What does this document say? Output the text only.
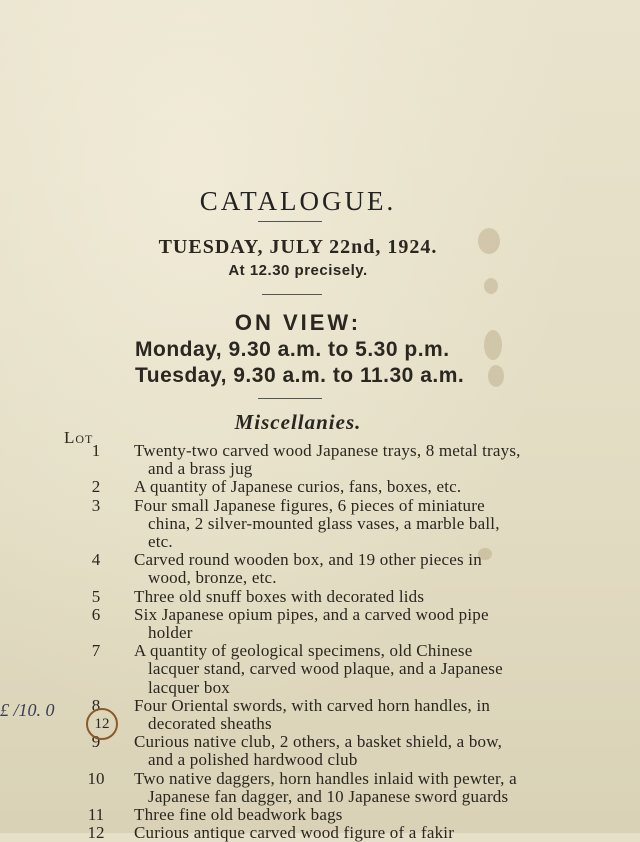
CATALOGUE.
TUESDAY, JULY 22nd, 1924.
At 12.30 precisely.
ON VIEW:
Monday, 9.30 a.m. to 5.30 p.m.
Tuesday, 9.30 a.m. to 11.30 a.m.
Miscellanies.
Lot
1	Twenty-two carved wood Japanese trays, 8 metal trays, and a brass jug
2	A quantity of Japanese curios, fans, boxes, etc.
3	Four small Japanese figures, 6 pieces of miniature china, 2 silver-mounted glass vases, a marble ball, etc.
4	Carved round wooden box, and 19 other pieces in wood, bronze, etc.
5	Three old snuff boxes with decorated lids
6	Six Japanese opium pipes, and a carved wood pipe holder
7	A quantity of geological specimens, old Chinese lacquer stand, carved wood plaque, and a Japanese lacquer box
8	Four Oriental swords, with carved horn handles, in decorated sheaths
9	Curious native club, 2 others, a basket shield, a bow, and a polished hardwood club
10	Two native daggers, horn handles inlaid with pewter, a Japanese fan dagger, and 10 Japanese sword guards
11	Three fine old beadwork bags
12	Curious antique carved wood figure of a fakir
£ /10. 0
12
